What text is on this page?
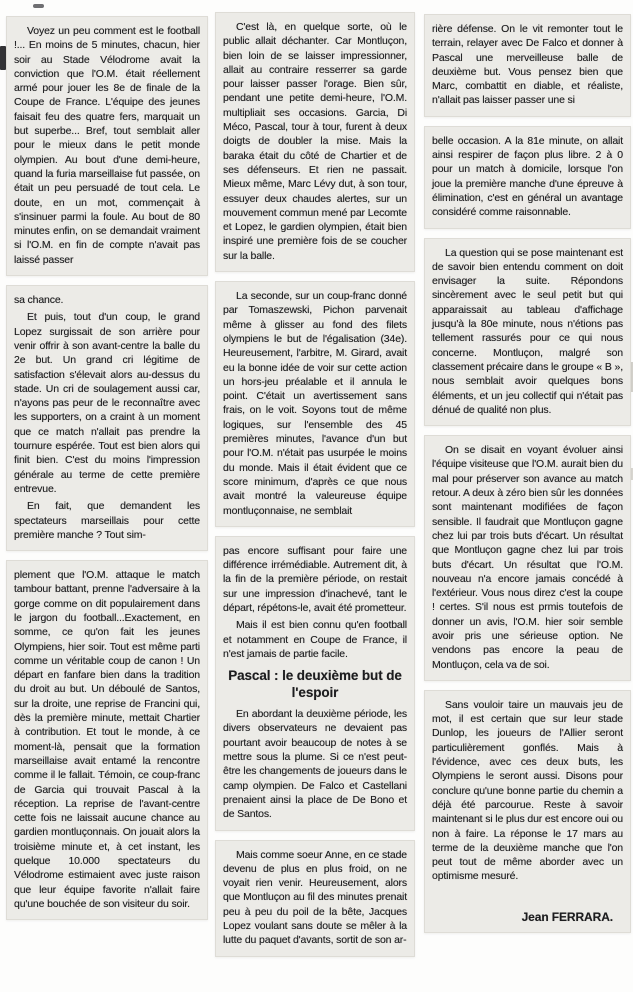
Voyez un peu comment est le football !... En moins de 5 minutes, chacun, hier soir au Stade Vélodrome avait la conviction que l'O.M. était réellement armé pour jouer les 8e de finale de la Coupe de France. L'équipe des jeunes faisait feu des quatre fers, marquait un but superbe... Bref, tout semblait aller pour le mieux dans le petit monde olympien. Au bout d'une demi-heure, quand la furia marseillaise fut passée, on était un peu persuadé de tout cela. Le doute, en un mot, commençait à s'insinuer parmi la foule. Au bout de 80 minutes enfin, on se demandait vraiment si l'O.M. en fin de compte n'avait pas laissé passer

sa chance.

Et puis, tout d'un coup, le grand Lopez surgissait de son arrière pour venir offrir à son avant-centre la balle du 2e but. Un grand cri légitime de satisfaction s'élevait alors au-dessus du stade. Un cri de soulagement aussi car, n'ayons pas peur de le reconnaître avec les supporters, on a craint à un moment que ce match n'allait pas prendre la tournure espérée. Tout est bien alors qui finit bien. C'est du moins l'impression générale au terme de cette première entrevue.

En fait, que demandent les spectateurs marseillais pour cette première manche ? Tout sim-

plement que l'O.M. attaque le match tambour battant, prenne l'adversaire à la gorge comme on dit populairement dans le jargon du football...Exactement, en somme, ce qu'on fait les jeunes Olympiens, hier soir. Tout est même parti comme un véritable coup de canon ! Un départ en fanfare bien dans la tradition du droit au but. Un déboulé de Santos, sur la droite, une reprise de Francini qui, dès la première minute, mettait Chartier à contribution. Et tout le monde, à ce moment-là, pensait que la formation marseillaise avait entamé la rencontre comme il le fallait. Témoin, ce coup-franc de Garcia qui trouvait Pascal à la réception. La reprise de l'avant-centre cette fois ne laissait aucune chance au gardien montluçonnais. On jouait alors la troisième minute et, à cet instant, les quelque 10.000 spectateurs du Vélodrome estimaient avec juste raison que leur équipe favorite n'allait faire qu'une bouchée de son visiteur du soir.

C'est là, en quelque sorte, où le public allait déchanter. Car Montluçon, bien loin de se laisser impressionner, allait au contraire resserrer sa garde pour laisser passer l'orage. Bien sûr, pendant une petite demi-heure, l'O.M. multipliait ses occasions. Garcia, Di Méco, Pascal, tour à tour, furent à deux doigts de doubler la mise. Mais la baraka était du côté de Chartier et de ses défenseurs. Et rien ne passait. Mieux même, Marc Lévy dut, à son tour, essuyer deux chaudes alertes, sur un mouvement commun mené par Lecomte et Lopez, le gardien olympien, était bien inspiré une première fois de se coucher sur la balle.

La seconde, sur un coup-franc donné par Tomaszewski, Pichon parvenait même à glisser au fond des filets olympiens le but de l'égalisation (34e). Heureusement, l'arbitre, M. Girard, avait eu la bonne idée de voir sur cette action un hors-jeu préalable et il annula le point. C'était un avertissement sans frais, on le voit. Soyons tout de même logiques, sur l'ensemble des 45 premières minutes, l'avance d'un but pour l'O.M. n'était pas usurpée le moins du monde. Mais il était évident que ce score minimum, d'après ce que nous avait montré la valeureuse équipe montluçonnaise, ne semblait

pas encore suffisant pour faire une différence irrémédiable. Autrement dit, à la fin de la première période, on restait sur une impression d'inachevé, tant le départ, répétons-le, avait été prometteur.

Mais il est bien connu qu'en football et notamment en Coupe de France, il n'est jamais de partie facile.

Pascal : le deuxième but de l'espoir

En abordant la deuxième période, les divers observateurs ne devaient pas pourtant avoir beaucoup de notes à se mettre sous la plume. Si ce n'est peut-être les changements de joueurs dans le camp olympien. De Falco et Castellani prenaient ainsi la place de De Bono et de Santos.

Mais comme soeur Anne, en ce stade devenu de plus en plus froid, on ne voyait rien venir. Heureusement, alors que Montluçon au fil des minutes prenait peu à peu du poil de la bête, Jacques Lopez voulant sans doute se mêler à la lutte du paquet d'avants, sortit de son ar-

rière défense. On le vit remonter tout le terrain, relayer avec De Falco et donner à Pascal une merveilleuse balle de deuxième but. Vous pensez bien que Marc, combattit en diable, et réaliste, n'allait pas laisser passer une si

belle occasion. A la 81e minute, on allait ainsi respirer de façon plus libre. 2 à 0 pour un match à domicile, lorsque l'on joue la première manche d'une épreuve à élimination, c'est en général un avantage considéré comme raisonnable.

La question qui se pose maintenant est de savoir bien entendu comment on doit envisager la suite. Répondons sincèrement avec le seul petit but qui apparaissait au tableau d'affichage jusqu'à la 80e minute, nous n'étions pas tellement rassurés pour ce qui nous concerne. Montluçon, malgré son classement précaire dans le groupe « B », nous semblait avoir quelques bons éléments, et un jeu collectif qui n'était pas dénué de qualité non plus.

On se disait en voyant évoluer ainsi l'équipe visiteuse que l'O.M. aurait bien du mal pour préserver son avance au match retour. A deux à zéro bien sûr les données sont maintenant modifiées de façon sensible. Il faudrait que Montluçon gagne chez lui par trois buts d'écart. Un résultat que Montluçon gagne chez lui par trois buts d'écart. Un résultat que l'O.M. nouveau n'a encore jamais concédé à l'extérieur. Vous nous direz c'est la coupe ! certes. S'il nous est prmis toutefois de donner un avis, l'O.M. hier soir semble avoir pris une sérieuse option. Ne vendons pas encore la peau de Montluçon, cela va de soi.

Sans vouloir taire un mauvais jeu de mot, il est certain que sur leur stade Dunlop, les joueurs de l'Allier seront particulièrement gonflés. Mais à l'évidence, avec ces deux buts, les Olympiens le seront aussi. Disons pour conclure qu'une bonne partie du chemin a déjà été parcourue. Reste à savoir maintenant si le plus dur est encore oui ou non à faire. La réponse le 17 mars au terme de la deuxième manche que l'on peut tout de même aborder avec un optimisme mesuré.

Jean FERRARA.
